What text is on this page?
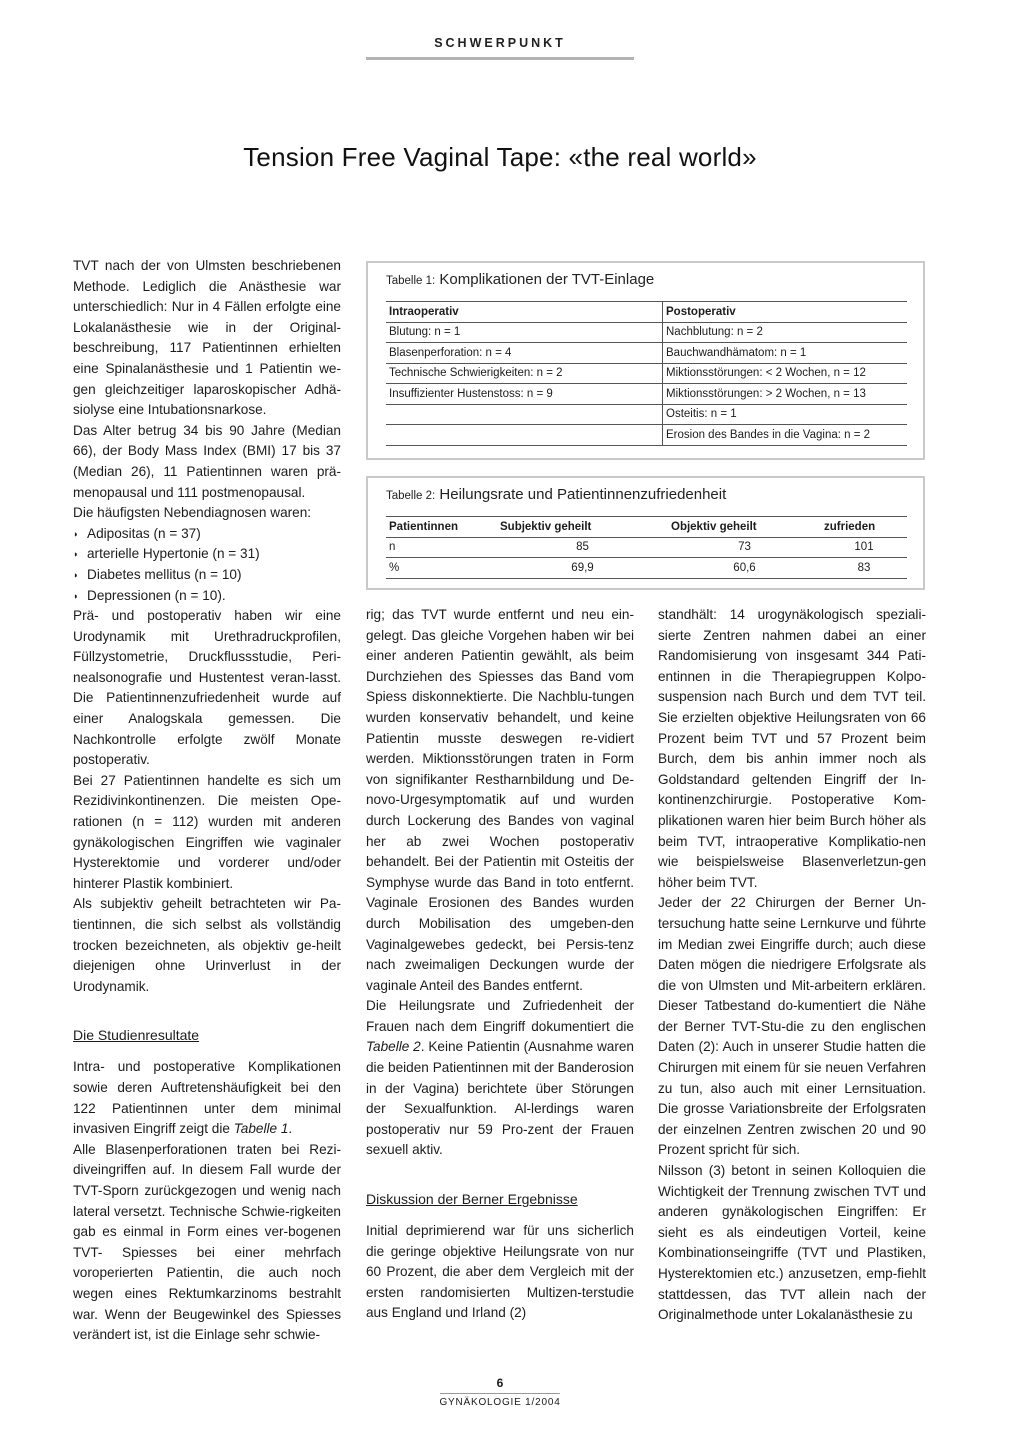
SCHWERPUNKT
Tension Free Vaginal Tape: «the real world»

TVT nach der von Ulmsten beschriebenen Methode. Lediglich die Anästhesie war unterschiedlich: Nur in 4 Fällen erfolgte eine Lokalanästhesie wie in der Original-beschreibung, 117 Patientinnen erhielten eine Spinalanästhesie und 1 Patientin we-gen gleichzeitiger laparoskopischer Adhä-siolyse eine Intubationsnarkose.

Das Alter betrug 34 bis 90 Jahre (Median 66), der Body Mass Index (BMI) 17 bis 37 (Median 26), 11 Patientinnen waren prä-menopausal und 111 postmenopausal.

Die häufigsten Nebendiagnosen waren:

◗ Adipositas (n = 37)
◗ arterielle Hypertonie (n = 31)
◗ Diabetes mellitus (n = 10)
◗ Depressionen (n = 10).

Prä- und postoperativ haben wir eine Urodynamik mit Urethradruckprofilen, Füllzystometrie, Druckflussstudie, Peri-nealsonografie und Hustentest veran-lasst. Die Patientinnenzufriedenheit wurde auf einer Analogskala gemessen. Die Nachkontrolle erfolgte zwölf Monate postoperativ.

Bei 27 Patientinnen handelte es sich um Rezidivinkontinenzen. Die meisten Ope-rationen (n = 112) wurden mit anderen gynäkologischen Eingriffen wie vaginaler Hysterektomie und vorderer und/oder hinterer Plastik kombiniert.

Als subjektiv geheilt betrachteten wir Pa-tientinnen, die sich selbst als vollständig trocken bezeichneten, als objektiv ge-heilt diejenigen ohne Urinverlust in der Urodynamik.

Die Studienresultate

Intra- und postoperative Komplikationen sowie deren Auftretenshäufigkeit bei den 122 Patientinnen unter dem minimal invasiven Eingriff zeigt die Tabelle 1.

Alle Blasenperforationen traten bei Rezi-diveingriffen auf. In diesem Fall wurde der TVT-Sporn zurückgezogen und wenig nach lateral versetzt. Technische Schwie-rigkeiten gab es einmal in Form eines ver-bogenen TVT- Spiesses bei einer mehrfach voroperierten Patientin, die auch noch wegen eines Rektumkarzinoms bestrahlt war. Wenn der Beugewinkel des Spiesses verändert ist, ist die Einlage sehr schwie-

rig; das TVT wurde entfernt und neu ein-gelegt. Das gleiche Vorgehen haben wir bei einer anderen Patientin gewählt, als beim Durchziehen des Spiesses das Band vom Spiess diskonnektierte. Die Nachblu-tungen wurden konservativ behandelt, und keine Patientin musste deswegen re-vidiert werden. Miktionsstörungen traten in Form von signifikanter Restharnbildung und De-novo-Urgesymptomatik auf und wurden durch Lockerung des Bandes von vaginal her ab zwei Wochen postoperativ behandelt. Bei der Patientin mit Osteitis der Symphyse wurde das Band in toto entfernt. Vaginale Erosionen des Bandes wurden durch Mobilisation des umgeben-den Vaginalgewebes gedeckt, bei Persis-tenz nach zweimaligen Deckungen wurde der vaginale Anteil des Bandes entfernt.

Die Heilungsrate und Zufriedenheit der Frauen nach dem Eingriff dokumentiert die Tabelle 2. Keine Patientin (Ausnahme waren die beiden Patientinnen mit der Banderosion in der Vagina) berichtete über Störungen der Sexualfunktion. Al-lerdings waren postoperativ nur 59 Pro-zent der Frauen sexuell aktiv.

Diskussion der Berner Ergebnisse

Initial deprimierend war für uns sicherlich die geringe objektive Heilungsrate von nur 60 Prozent, die aber dem Vergleich mit der ersten randomisierten Multizen-terstudie aus England und Irland (2)

standhält: 14 urogynäkologisch speziali-sierte Zentren nahmen dabei an einer Randomisierung von insgesamt 344 Pati-entinnen in die Therapiegruppen Kolpo-suspension nach Burch und dem TVT teil. Sie erzielten objektive Heilungsraten von 66 Prozent beim TVT und 57 Prozent beim Burch, dem bis anhin immer noch als Goldstandard geltenden Eingriff der In-kontinenzchirurgie. Postoperative Kom-plikationen waren hier beim Burch höher als beim TVT, intraoperative Komplikatio-nen wie beispielsweise Blasenverletzun-gen höher beim TVT.

Jeder der 22 Chirurgen der Berner Un-tersuchung hatte seine Lernkurve und führte im Median zwei Eingriffe durch; auch diese Daten mögen die niedrigere Erfolgsrate als die von Ulmsten und Mit-arbeitern erklären. Dieser Tatbestand do-kumentiert die Nähe der Berner TVT-Stu-die zu den englischen Daten (2): Auch in unserer Studie hatten die Chirurgen mit einem für sie neuen Verfahren zu tun, also auch mit einer Lernsituation. Die grosse Variationsbreite der Erfolgsraten der einzelnen Zentren zwischen 20 und 90 Prozent spricht für sich.

Nilsson (3) betont in seinen Kolloquien die Wichtigkeit der Trennung zwischen TVT und anderen gynäkologischen Eingriffen: Er sieht es als eindeutigen Vorteil, keine Kombinationseingriffe (TVT und Plastiken, Hysterektomien etc.) anzusetzen, emp-fiehlt stattdessen, das TVT allein nach der Originalmethode unter Lokalanästhesie zu

Tabelle 1: Komplikationen der TVT-Einlage
Intraoperativ	Postoperativ
Blutung: n = 1	Nachblutung: n = 2
Blasenperforation: n = 4	Bauchwandhämatom: n = 1
Technische Schwierigkeiten: n = 2	Miktionsstörungen: < 2 Wochen, n = 12
Insuffizienter Hustenstoss: n = 9	Miktionsstörungen: > 2 Wochen, n = 13
	Osteitis: n = 1
	Erosion des Bandes in die Vagina: n = 2
Tabelle 2: Heilungsrate und Patientinnenzufriedenheit
Patientinnen	Subjektiv geheilt	Objektiv geheilt	zufrieden
n	85	73	101
%	69,9	60,6	83
6
GYNÄKOLOGIE 1/2004
